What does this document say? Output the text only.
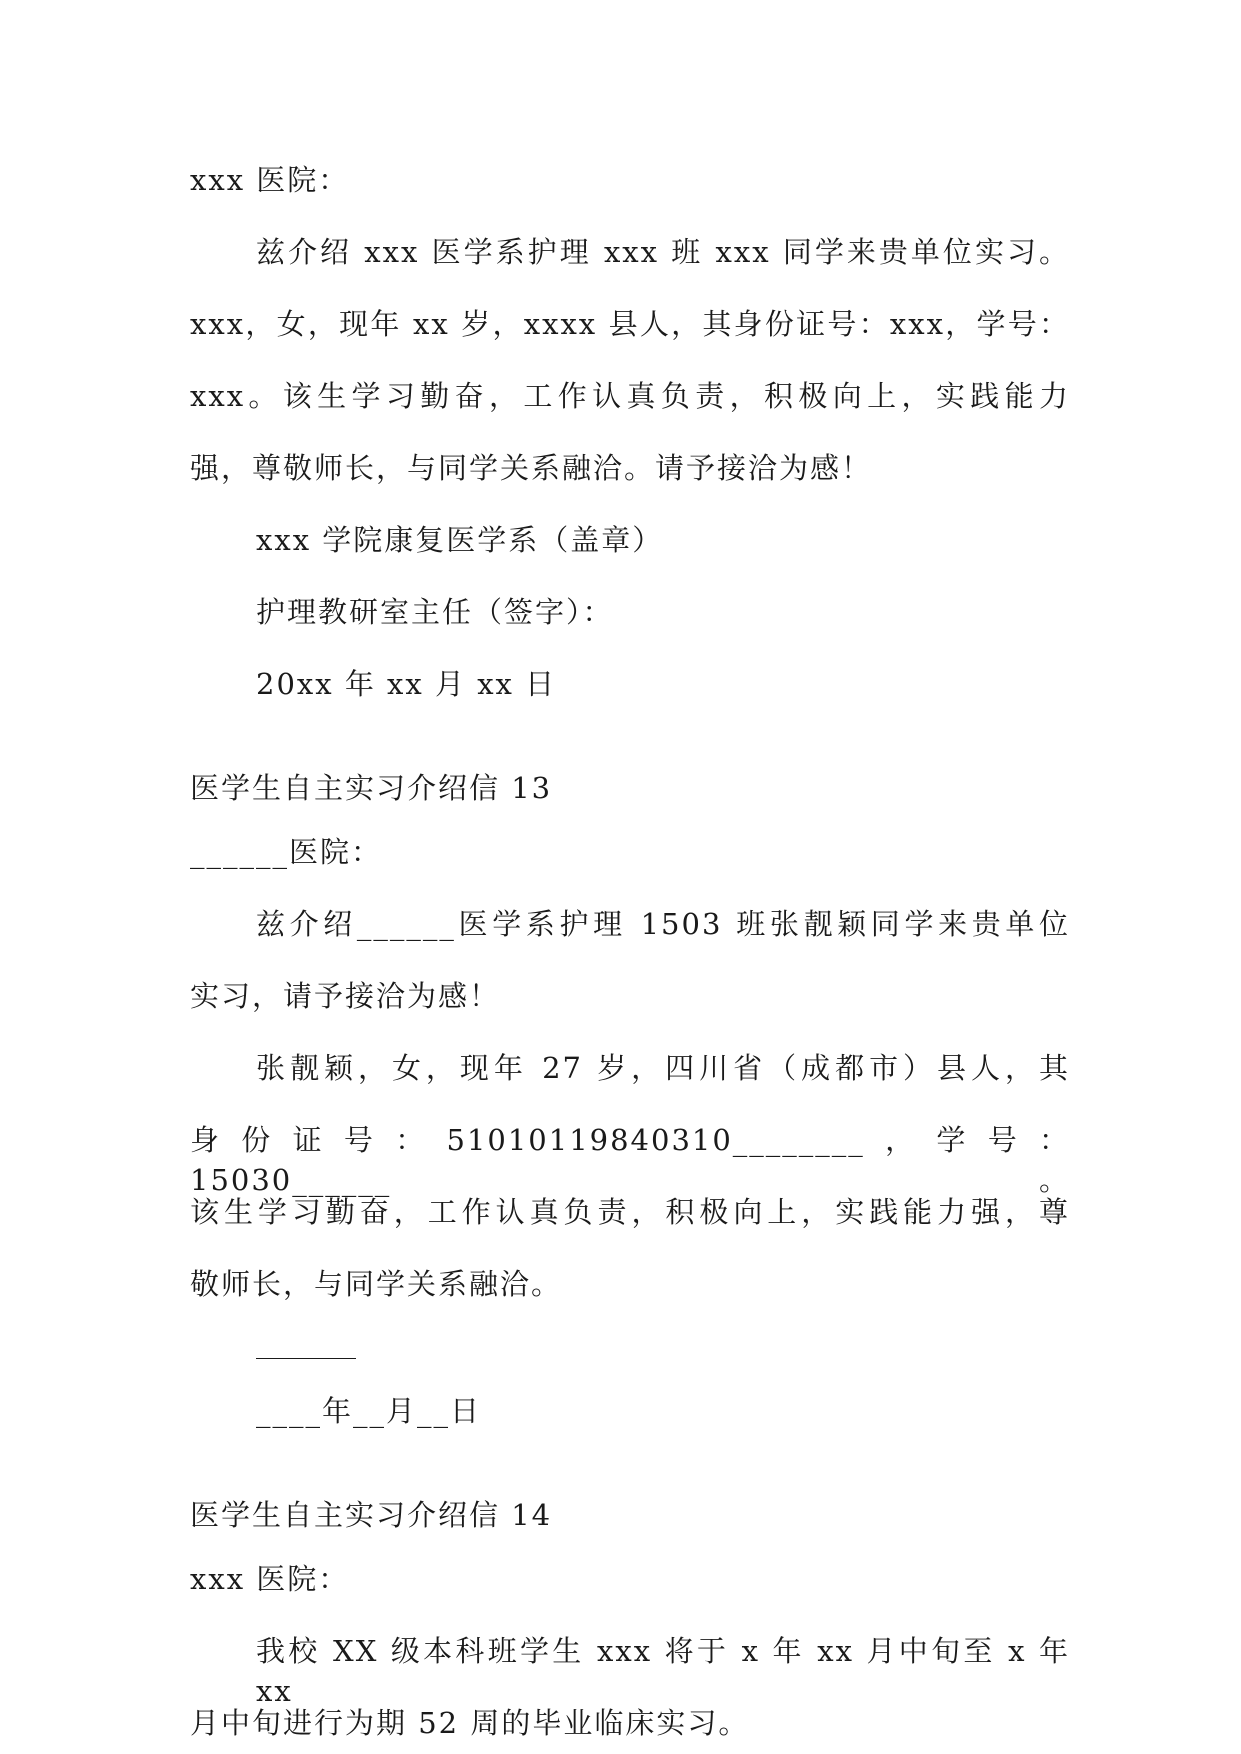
xxx 医院：
兹介绍 xxx 医学系护理 xxx 班 xxx 同学来贵单位实习。
xxx，女，现年 xx 岁，xxxx 县人，其身份证号：xxx，学号：
xxx。该生学习勤奋，工作认真负责，积极向上，实践能力
强，尊敬师长，与同学关系融洽。请予接洽为感！
xxx 学院康复医学系（盖章）
护理教研室主任（签字）：
20xx 年 xx 月 xx 日
医学生自主实习介绍信 13
______医院：
兹介绍______医学系护理 1503 班张靓颖同学来贵单位
实习，请予接洽为感！
张靓颖，女，现年 27 岁，四川省（成都市）县人，其
身份证号：51010119840310________，学号：15030______。
该生学习勤奋，工作认真负责，积极向上，实践能力强，尊
敬师长，与同学关系融洽。
____年__月__日
医学生自主实习介绍信 14
xxx 医院：
我校 XX 级本科班学生 xxx 将于 x 年 xx 月中旬至 x 年 xx
月中旬进行为期 52 周的毕业临床实习。
